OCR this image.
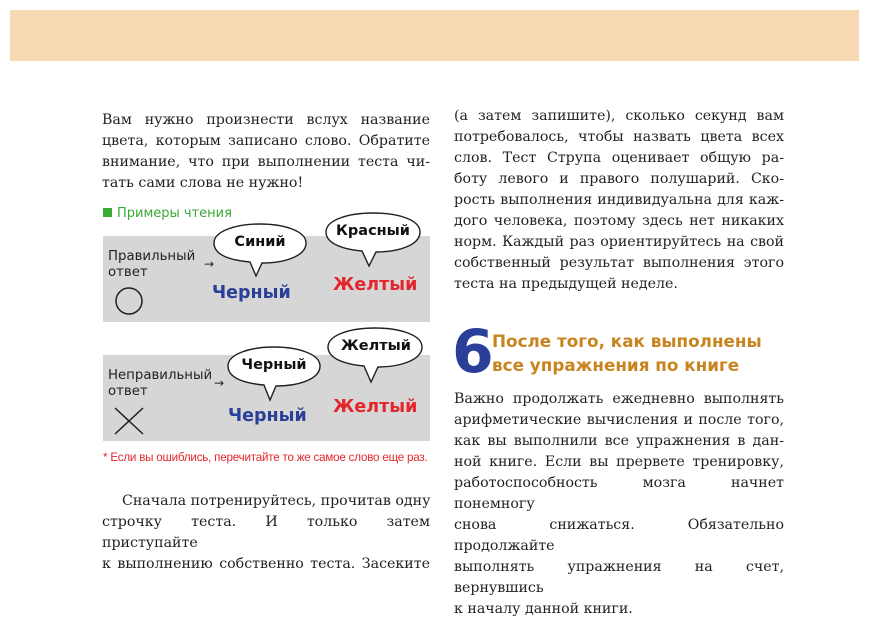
Вам нужно произнести вслух название
цвета, которым записано слово. Обратите
внимание, что при выполнении теста чи-
тать сами слова не нужно!

Примеры чтения
Правильный
ответ
→
Неправильный
ответ
→
Синий
Красный
Черный
Желтый
Черный Желтый
Черный Желтый
* Если вы ошиблись, перечитайте то же самое слово еще раз.

Сначала потренируйтесь, прочитав одну
строчку теста. И только затем приступайте
к выполнению собственно теста. Засеките

(а затем запишите), сколько секунд вам
потребовалось, чтобы назвать цвета всех
слов. Тест Струпа оценивает общую ра-
боту левого и правого полушарий. Ско-
рость выполнения индивидуальна для каж-
дого человека, поэтому здесь нет никаких
норм. Каждый раз ориентируйтесь на свой
собственный результат выполнения этого
теста на предыдущей неделе.

6
После того, как выполнены
все упражнения по книге

Важно продолжать ежедневно выполнять
арифметические вычисления и после того,
как вы выполнили все упражнения в дан-
ной книге. Если вы прервете тренировку,
работоспособность мозга начнет понемногу
снова снижаться. Обязательно продолжайте
выполнять упражнения на счет, вернувшись
к началу данной книги.
